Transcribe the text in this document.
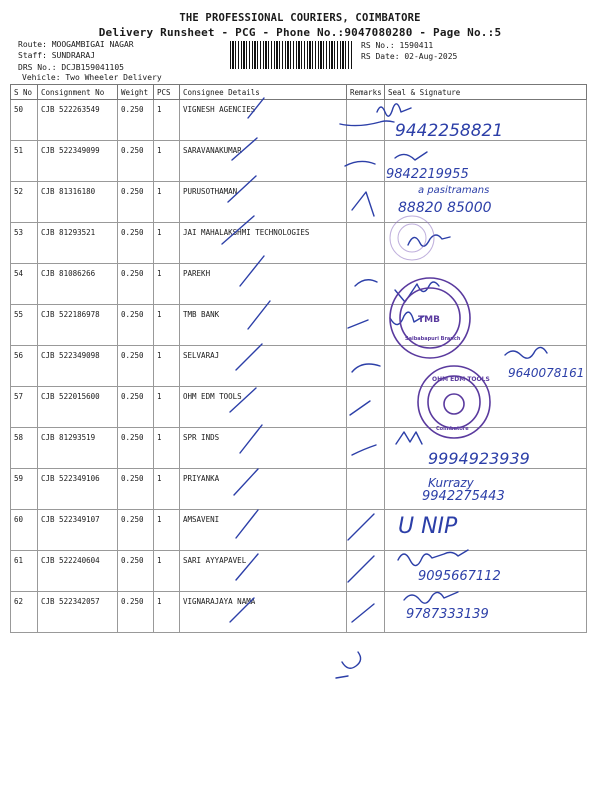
THE PROFESSIONAL COURIERS, COIMBATORE
Delivery Runsheet - PCG - Phone No.:9047080280 - Page No.:5
Route: MOOGAMBIGAI NAGAR
Staff: SUNDRARAJ
DRS No.: DCJB159041105
Vehicle: Two Wheeler Delivery
RS No.: 1590411
RS Date: 02-Aug-2025
S No	Consignment No	Weight	PCS	Consignee Details	Remarks	Seal & Signature

50	CJB 522263549	0.250	1	VIGNESH AGENCIES		

51	CJB 522349099	0.250	1	SARAVANAKUMAR		

52	CJB 81316180	0.250	1	PURUSOTHAMAN		

53	CJB 81293521	0.250	1	JAI MAHALAKSHMI TECHNOLOGIES		

54	CJB 81086266	0.250	1	PAREKH		

55	CJB 522186978	0.250	1	TMB BANK		

56	CJB 522349098	0.250	1	SELVARAJ		

57	CJB 522015600	0.250	1	OHM EDM TOOLS		

58	CJB 81293519	0.250	1	SPR INDS		

59	CJB 522349106	0.250	1	PRIYANKA		

60	CJB 522349107	0.250	1	AMSAVENI		

61	CJB 522240604	0.250	1	SARI AYYAPAVEL		

62	CJB 522342057	0.250	1	VIGNARAJAYA NAMA		

9442258821
9842219955
a pasitramans
88820 85000
9640078161
9994923939
Kurrazy
9942275443
U NIP
9095667112
9787333139
TMB
Saibabapuri Branch
OHM EDM TOOLS
Coimbatore
